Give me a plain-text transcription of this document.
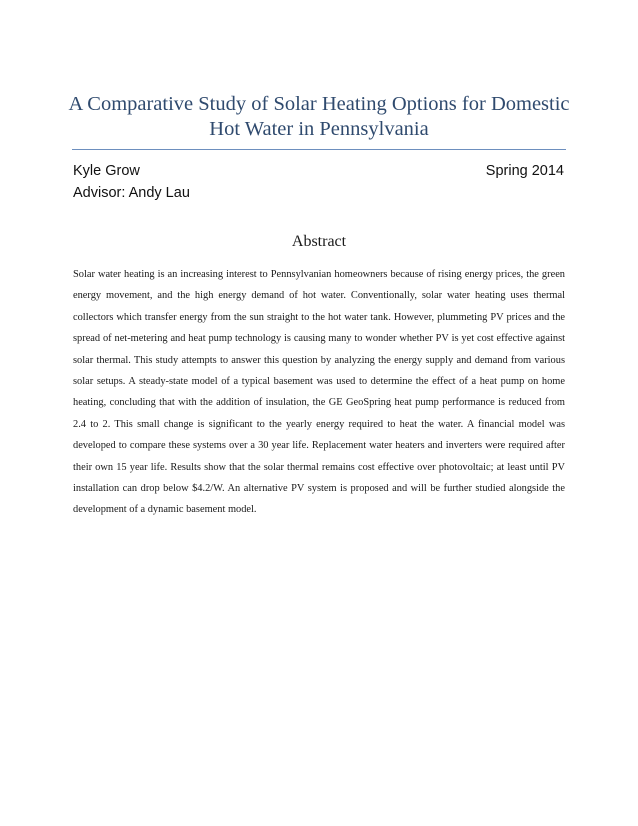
A Comparative Study of Solar Heating Options for Domestic Hot Water in Pennsylvania
Kyle Grow	Spring 2014
Advisor: Andy Lau
Abstract

Solar water heating is an increasing interest to Pennsylvanian homeowners because of rising energy prices, the green energy movement, and the high energy demand of hot water. Conventionally, solar water heating uses thermal collectors which transfer energy from the sun straight to the hot water tank. However, plummeting PV prices and the spread of net-metering and heat pump technology is causing many to wonder whether PV is yet cost effective against solar thermal. This study attempts to answer this question by analyzing the energy supply and demand from various solar setups. A steady-state model of a typical basement was used to determine the effect of a heat pump on home heating, concluding that with the addition of insulation, the GE GeoSpring heat pump performance is reduced from 2.4 to 2. This small change is significant to the yearly energy required to heat the water. A financial model was developed to compare these systems over a 30 year life. Replacement water heaters and inverters were required after their own 15 year life. Results show that the solar thermal remains cost effective over photovoltaic; at least until PV installation can drop below $4.2/W. An alternative PV system is proposed and will be further studied alongside the development of a dynamic basement model.
